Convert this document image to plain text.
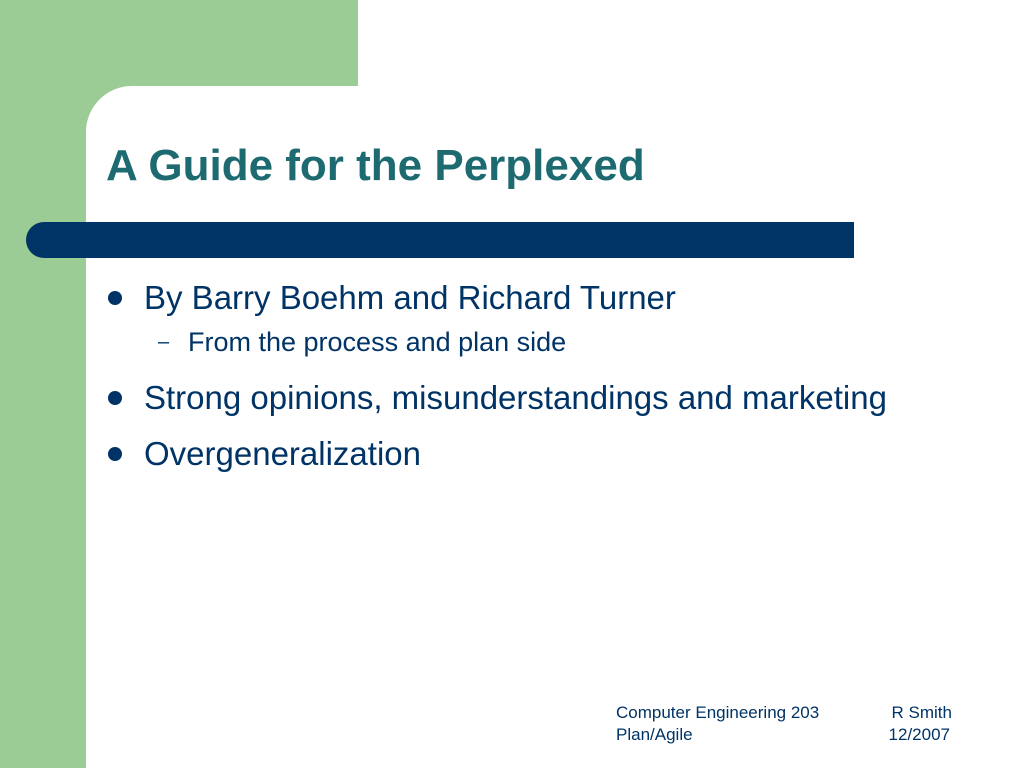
A Guide for the Perplexed
By Barry Boehm and Richard Turner
– From the process and plan side
Strong opinions, misunderstandings and marketing
Overgeneralization
Computer Engineering 203	R Smith
Plan/Agile	12/2007
